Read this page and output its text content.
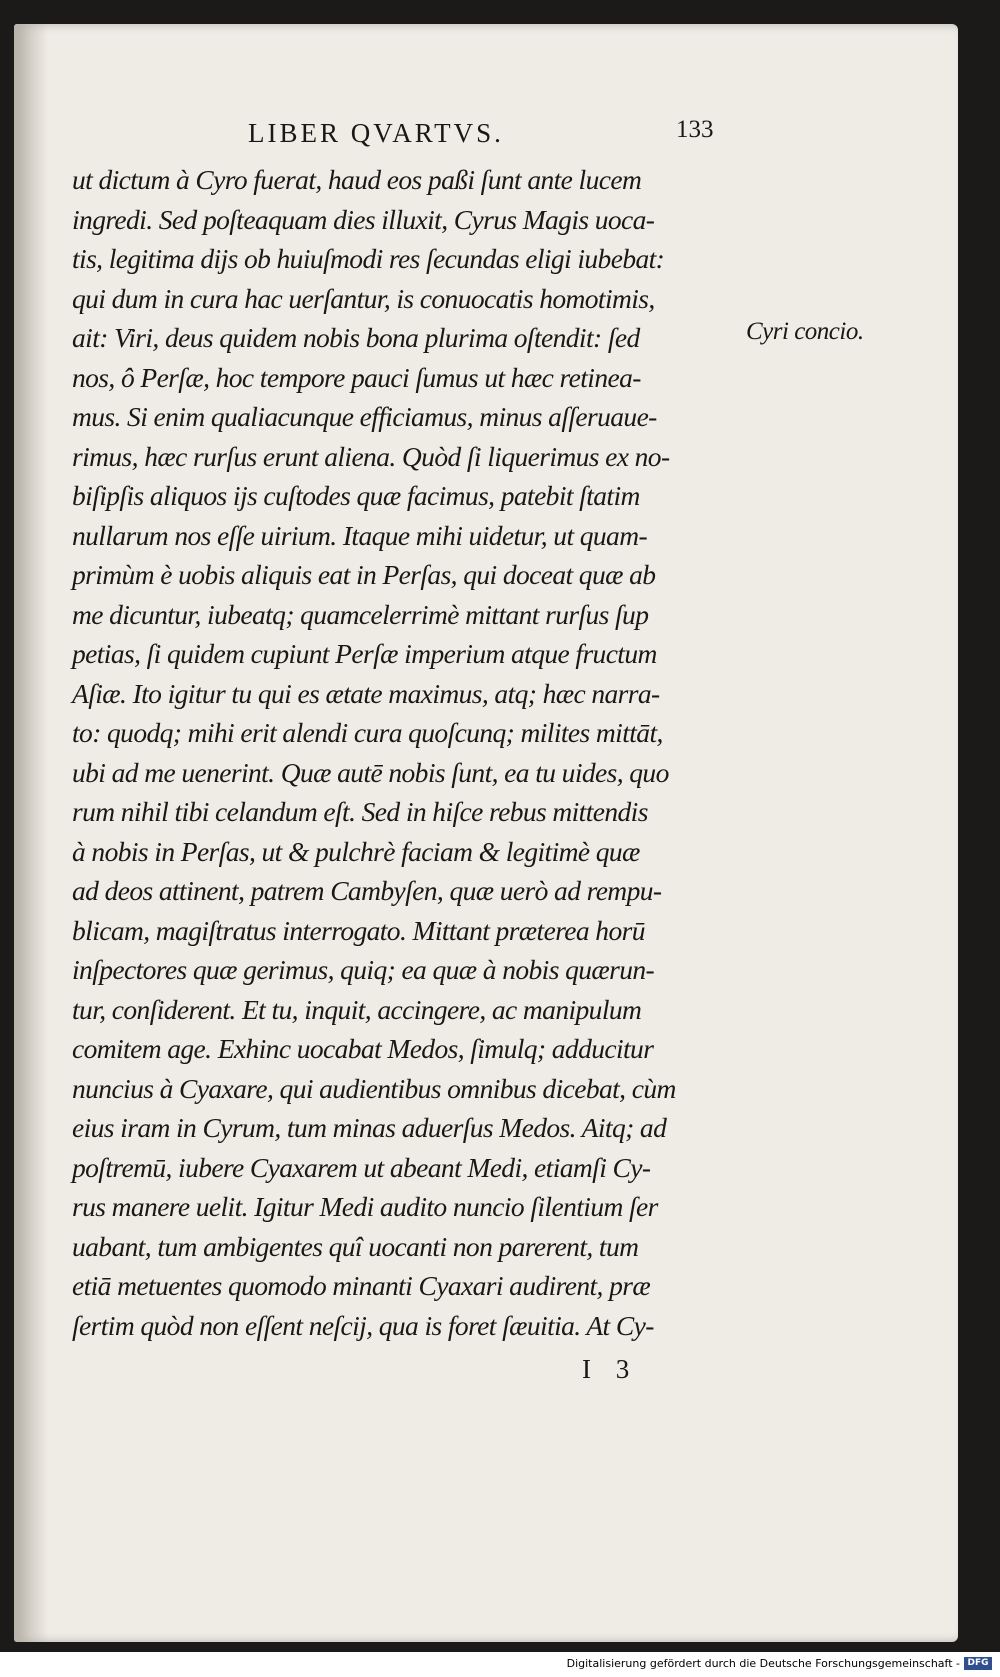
LIBER QVARTVS.	133
ut dictum à Cyro fuerat, haud eos paßi ſunt ante lucem
ingredi. Sed poſteaquam dies illuxit, Cyrus Magis uoca-
tis, legitima dijs ob huiuſmodi res ſecundas eligi iubebat:
qui dum in cura hac uerſantur, is conuocatis homotimis,
ait: Viri, deus quidem nobis bona plurima oſtendit: ſed
nos, ô Perſæ, hoc tempore pauci ſumus ut hæc retinea-
mus. Si enim qualiacunque efficiamus, minus aſſeruaue-
rimus, hæc rurſus erunt aliena. Quòd ſi liquerimus ex no-
biſipſis aliquos ijs cuſtodes quæ facimus, patebit ſtatim
nullarum nos eſſe uirium. Itaque mihi uidetur, ut quam-
primùm è uobis aliquis eat in Perſas, qui doceat quæ ab
me dicuntur, iubeatq; quamcelerrimè mittant rurſus ſup
petias, ſi quidem cupiunt Perſæ imperium atque fructum
Aſiæ. Ito igitur tu qui es ætate maximus, atq; hæc narra-
to: quodq; mihi erit alendi cura quoſcunq; milites mittāt,
ubi ad me uenerint. Quæ autē nobis ſunt, ea tu uides, quo
rum nihil tibi celandum eſt. Sed in hiſce rebus mittendis
à nobis in Perſas, ut & pulchrè faciam & legitimè quæ
ad deos attinent, patrem Cambyſen, quæ uerò ad rempu-
blicam, magiſtratus interrogato. Mittant præterea horū
inſpectores quæ gerimus, quiq; ea quæ à nobis quærun-
tur, conſiderent. Et tu, inquit, accingere, ac manipulum
comitem age. Exhinc uocabat Medos, ſimulq; adducitur
nuncius à Cyaxare, qui audientibus omnibus dicebat, cùm
eius iram in Cyrum, tum minas aduerſus Medos. Aitq; ad
poſtremū, iubere Cyaxarem ut abeant Medi, etiamſi Cy-
rus manere uelit. Igitur Medi audito nuncio ſilentium ſer
uabant, tum ambigentes quî uocanti non parerent, tum
etiā metuentes quomodo minanti Cyaxari audirent, præ
ſertim quòd non eſſent neſcij, qua is foret ſæuitia. At Cy-
Cyri concio.
I 3
Digitalisierung gefördert durch die Deutsche Forschungsgemeinschaft - DFG
